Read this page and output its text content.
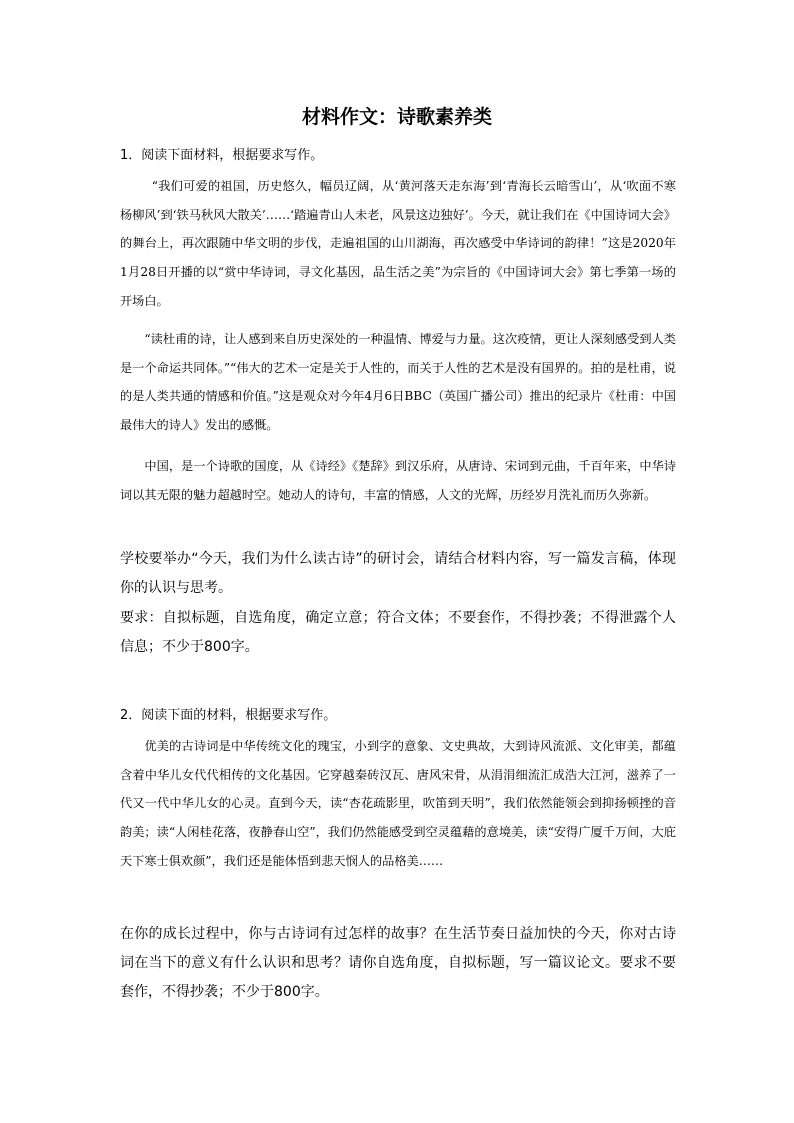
材料作文：诗歌素养类

1．阅读下面材料，根据要求写作。

“我们可爱的祖国，历史悠久，幅员辽阔，从‘黄河落天走东海’到‘青海长云暗雪山’，从‘吹面不寒杨柳风’到‘铁马秋风大散关’……‘踏遍青山人未老，风景这边独好’。今天，就让我们在《中国诗词大会》的舞台上，再次跟随中华文明的步伐，走遍祖国的山川湖海，再次感受中华诗词的韵律！”这是2020年1月28日开播的以“赏中华诗词，寻文化基因，品生活之美”为宗旨的《中国诗词大会》第七季第一场的开场白。

“读杜甫的诗，让人感到来自历史深处的一种温情、博爱与力量。这次疫情，更让人深刻感受到人类是一个命运共同体。”“伟大的艺术一定是关于人性的，而关于人性的艺术是没有国界的。拍的是杜甫，说的是人类共通的情感和价值。”这是观众对今年4月6日BBC（英国广播公司）推出的纪录片《杜甫：中国最伟大的诗人》发出的感慨。

中国，是一个诗歌的国度，从《诗经》《楚辞》到汉乐府，从唐诗、宋词到元曲，千百年来，中华诗词以其无限的魅力超越时空。她动人的诗句，丰富的情感，人文的光辉，历经岁月洗礼而历久弥新。

学校要举办“今天，我们为什么读古诗”的研讨会，请结合材料内容，写一篇发言稿，体现你的认识与思考。

要求：自拟标题，自选角度，确定立意；符合文体；不要套作，不得抄袭；不得泄露个人信息；不少于800字。

2．阅读下面的材料，根据要求写作。

优美的古诗词是中华传统文化的瑰宝，小到字的意象、文史典故，大到诗风流派、文化审美，都蕴含着中华儿女代代相传的文化基因。它穿越秦砖汉瓦、唐风宋骨，从涓涓细流汇成浩大江河，滋养了一代又一代中华儿女的心灵。直到今天，读“杏花疏影里，吹笛到天明”，我们依然能领会到抑扬顿挫的音韵美；读“人闲桂花落，夜静春山空”，我们仍然能感受到空灵蕴藉的意境美，读“安得广厦千万间，大庇天下寒士俱欢颜”，我们还是能体悟到悲天悯人的品格美……

在你的成长过程中，你与古诗词有过怎样的故事？在生活节奏日益加快的今天，你对古诗词在当下的意义有什么认识和思考？请你自选角度，自拟标题，写一篇议论文。要求不要套作，不得抄袭；不少于800字。
